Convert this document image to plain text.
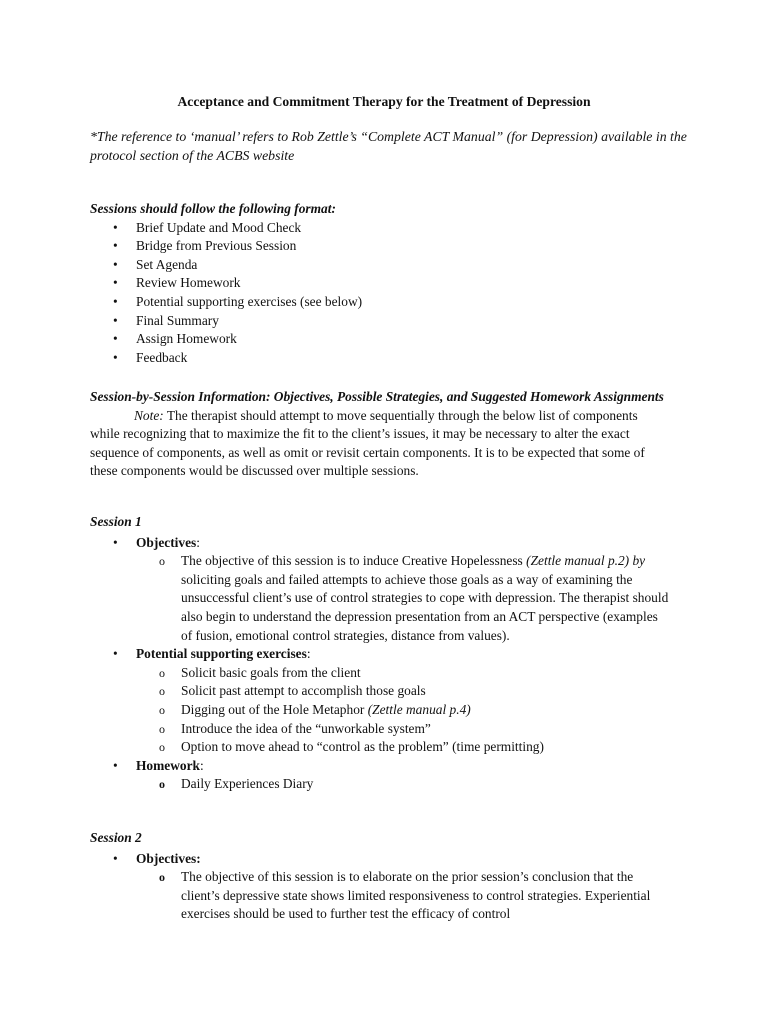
Acceptance and Commitment Therapy for the Treatment of Depression
*The reference to ‘manual’ refers to Rob Zettle’s “Complete ACT Manual” (for Depression) available in the protocol section of the ACBS website
Sessions should follow the following format:
• Brief Update and Mood Check
• Bridge from Previous Session
• Set Agenda
• Review Homework
• Potential supporting exercises (see below)
• Final Summary
• Assign Homework
• Feedback
Session-by-Session Information: Objectives, Possible Strategies, and Suggested Homework Assignments
Note: The therapist should attempt to move sequentially through the below list of components while recognizing that to maximize the fit to the client’s issues, it may be necessary to alter the exact sequence of components, as well as omit or revisit certain components. It is to be expected that some of these components would be discussed over multiple sessions.
Session 1
• Objectives:
o The objective of this session is to induce Creative Hopelessness (Zettle manual p.2) by soliciting goals and failed attempts to achieve those goals as a way of examining the unsuccessful client’s use of control strategies to cope with depression. The therapist should also begin to understand the depression presentation from an ACT perspective (examples of fusion, emotional control strategies, distance from values).
• Potential supporting exercises:
o Solicit basic goals from the client
o Solicit past attempt to accomplish those goals
o Digging out of the Hole Metaphor (Zettle manual p.4)
o Introduce the idea of the “unworkable system”
o Option to move ahead to “control as the problem” (time permitting)
• Homework:
o Daily Experiences Diary
Session 2
• Objectives:
o The objective of this session is to elaborate on the prior session’s conclusion that the client’s depressive state shows limited responsiveness to control strategies. Experiential exercises should be used to further test the efficacy of control
